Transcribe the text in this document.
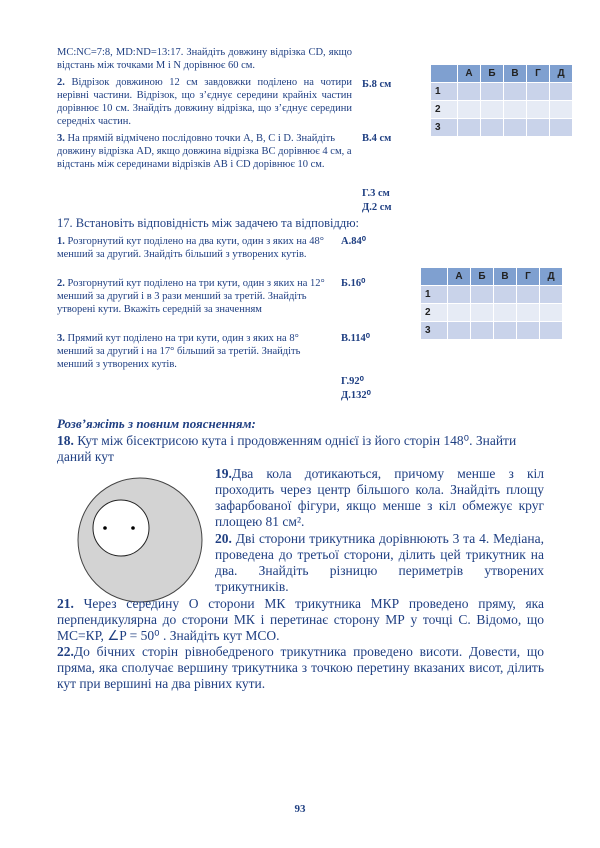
MC:NC=7:8, MD:ND=13:17. Знайдіть довжину відрізка CD, якщо відстань між точками M і N дорівнює 60 см.
2. Відрізок довжиною 12 см завдовжки поділено на чотири нерівні частини. Відрізок, що з’єднує середини крайніх частин дорівнює 10 см. Знайдіть довжину відрізка, що з’єднує середини середніх частин.
3. На прямій відмічено послідовно точки A, B, C і D. Знайдіть довжину відрізка AD, якщо довжина відрізка BC дорівнює 4 см, а відстань між серединами відрізків AB і CD дорівнює 10 см.
Б.8 см
В.4 см
Г.3 см
Д.2 см
	А	Б	В	Г	Д
1					
2					
3					
17. Встановіть відповідність між задачею та відповіддю:
1. Розгорнутий кут поділено на два кути, один з яких на 48° менший за другий. Знайдіть більший з утворених кутів.
2. Розгорнутий кут поділено на три кути, один з яких на 12° менший за другий і в 3 рази менший за третій. Знайдіть утворені кути. Вкажіть середній за значенням
3. Прямий кут поділено на три кути, один з яких на 8° менший за другий і на 17° більший за третій. Знайдіть менший з утворених кутів.
А.84⁰
Б.16⁰
В.114⁰
Г.92⁰
Д.132⁰
	А	Б	В	Г	Д
1					
2					
3					
Розв’яжіть з повним поясненням:
18. Кут між бісектрисою кута і продовженням однієї із його сторін 148⁰. Знайти даний кут
19.Два кола дотикаються, причому менше з кіл проходить через центр більшого кола. Знайдіть площу зафарбованої фігури, якщо менше з кіл обмежує круг площею 81 см².
20. Дві сторони трикутника дорівнюють 3 та 4. Медіана, проведена до третьої сторони, ділить цей трикутник на два. Знайдіть різницю периметрів утворених трикутників.
21. Через середину О сторони МК трикутника МКР проведено пряму, яка перпендикулярна до сторони МК і перетинає сторону МР у точці С. Відомо, що МС=КР, ∠P = 50⁰ . Знайдіть кут МСО.
22.До бічних сторін рівнобедреного трикутника проведено висоти. Довести, що пряма, яка сполучає вершину трикутника з точкою перетину вказаних висот, ділить кут при вершині на два рівних кути.
93
